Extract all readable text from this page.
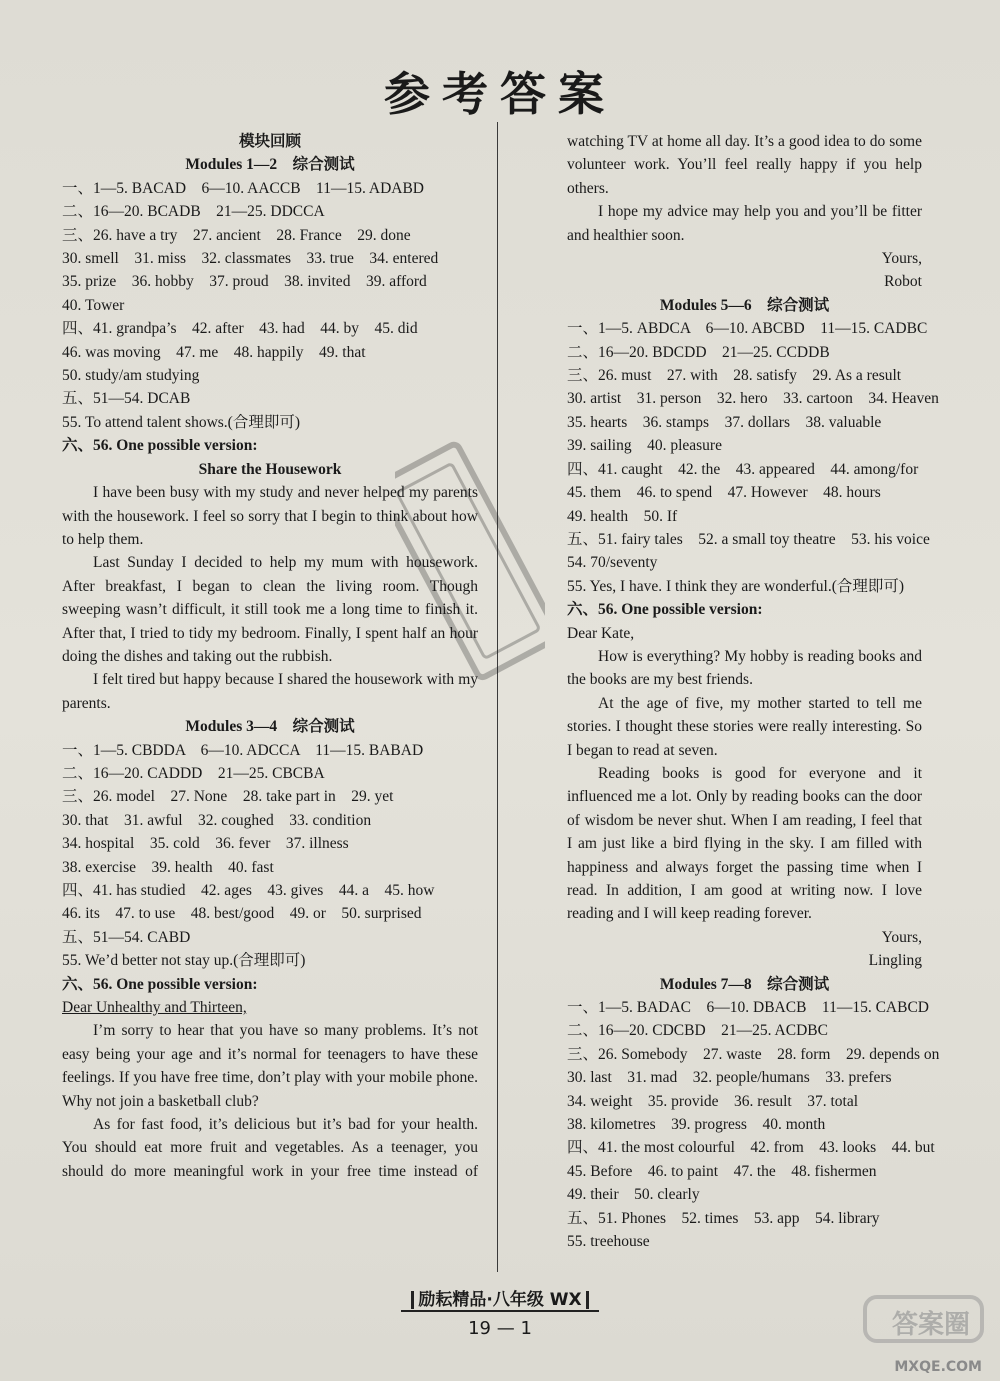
参考答案
模块回顾
Modules 1—2　综合测试
一、1—5. BACAD　6—10. AACCB　11—15. ADABD
二、16—20. BCADB　21—25. DDCCA
三、26. have a try　27. ancient　28. France　29. done
30. smell　31. miss　32. classmates　33. true　34. entered
35. prize　36. hobby　37. proud　38. invited　39. afford
40. Tower
四、41. grandpa’s　42. after　43. had　44. by　45. did
46. was moving　47. me　48. happily　49. that
50. study/am studying
五、51—54. DCAB
55. To attend talent shows.(合理即可)
六、56. One possible version:
Share the Housework
I have been busy with my study and never helped my parents with the housework. I feel so sorry that I begin to think about how to help them.
Last Sunday I decided to help my mum with housework. After breakfast, I began to clean the living room. Though sweeping wasn’t difficult, it still took me a long time to finish it. After that, I tried to tidy my bedroom. Finally, I spent half an hour doing the dishes and taking out the rubbish.
I felt tired but happy because I shared the housework with my parents.
Modules 3—4　综合测试
一、1—5. CBDDA　6—10. ADCCA　11—15. BABAD
二、16—20. CADDD　21—25. CBCBA
三、26. model　27. None　28. take part in　29. yet
30. that　31. awful　32. coughed　33. condition
34. hospital　35. cold　36. fever　37. illness
38. exercise　39. health　40. fast
四、41. has studied　42. ages　43. gives　44. a　45. how
46. its　47. to use　48. best/good　49. or　50. surprised
五、51—54. CABD
55. We’d better not stay up.(合理即可)
六、56. One possible version:
Dear Unhealthy and Thirteen,
I’m sorry to hear that you have so many problems. It’s not easy being your age and it’s normal for teenagers to have these feelings. If you have free time, don’t play with your mobile phone. Why not join a basketball club?
As for fast food, it’s delicious but it’s bad for your health. You should eat more fruit and vegetables. As a teenager, you should do more meaningful work in your free time instead of
watching TV at home all day. It’s a good idea to do some volunteer work. You’ll feel really happy if you help others.
I hope my advice may help you and you’ll be fitter and healthier soon.
Yours,
Robot
Modules 5—6　综合测试
一、1—5. ABDCA　6—10. ABCBD　11—15. CADBC
二、16—20. BDCDD　21—25. CCDDB
三、26. must　27. with　28. satisfy　29. As a result
30. artist　31. person　32. hero　33. cartoon　34. Heaven
35. hearts　36. stamps　37. dollars　38. valuable
39. sailing　40. pleasure
四、41. caught　42. the　43. appeared　44. among/for
45. them　46. to spend　47. However　48. hours
49. health　50. If
五、51. fairy tales　52. a small toy theatre　53. his voice
54. 70/seventy
55. Yes, I have. I think they are wonderful.(合理即可)
六、56. One possible version:
Dear Kate,
How is everything? My hobby is reading books and the books are my best friends.
At the age of five, my mother started to tell me stories. I thought these stories were really interesting. So I began to read at seven.
Reading books is good for everyone and it influenced me a lot. Only by reading books can the door of wisdom be never shut. When I am reading, I feel that I am just like a bird flying in the sky. I am filled with happiness and always forget the passing time when I read. In addition, I am good at writing now. I love reading and I will keep reading forever.
Yours,
Lingling
Modules 7—8　综合测试
一、1—5. BADAC　6—10. DBACB　11—15. CABCD
二、16—20. CDCBD　21—25. ACDBC
三、26. Somebody　27. waste　28. form　29. depends on
30. last　31. mad　32. people/humans　33. prefers
34. weight　35. provide　36. result　37. total
38. kilometres　39. progress　40. month
四、41. the most colourful　42. from　43. looks　44. but
45. Before　46. to paint　47. the　48. fishermen
49. their　50. clearly
五、51. Phones　52. times　53. app　54. library
55. treehouse
励耘精品·八年级 WX
19 — 1	答案圈
MXQE.COM
